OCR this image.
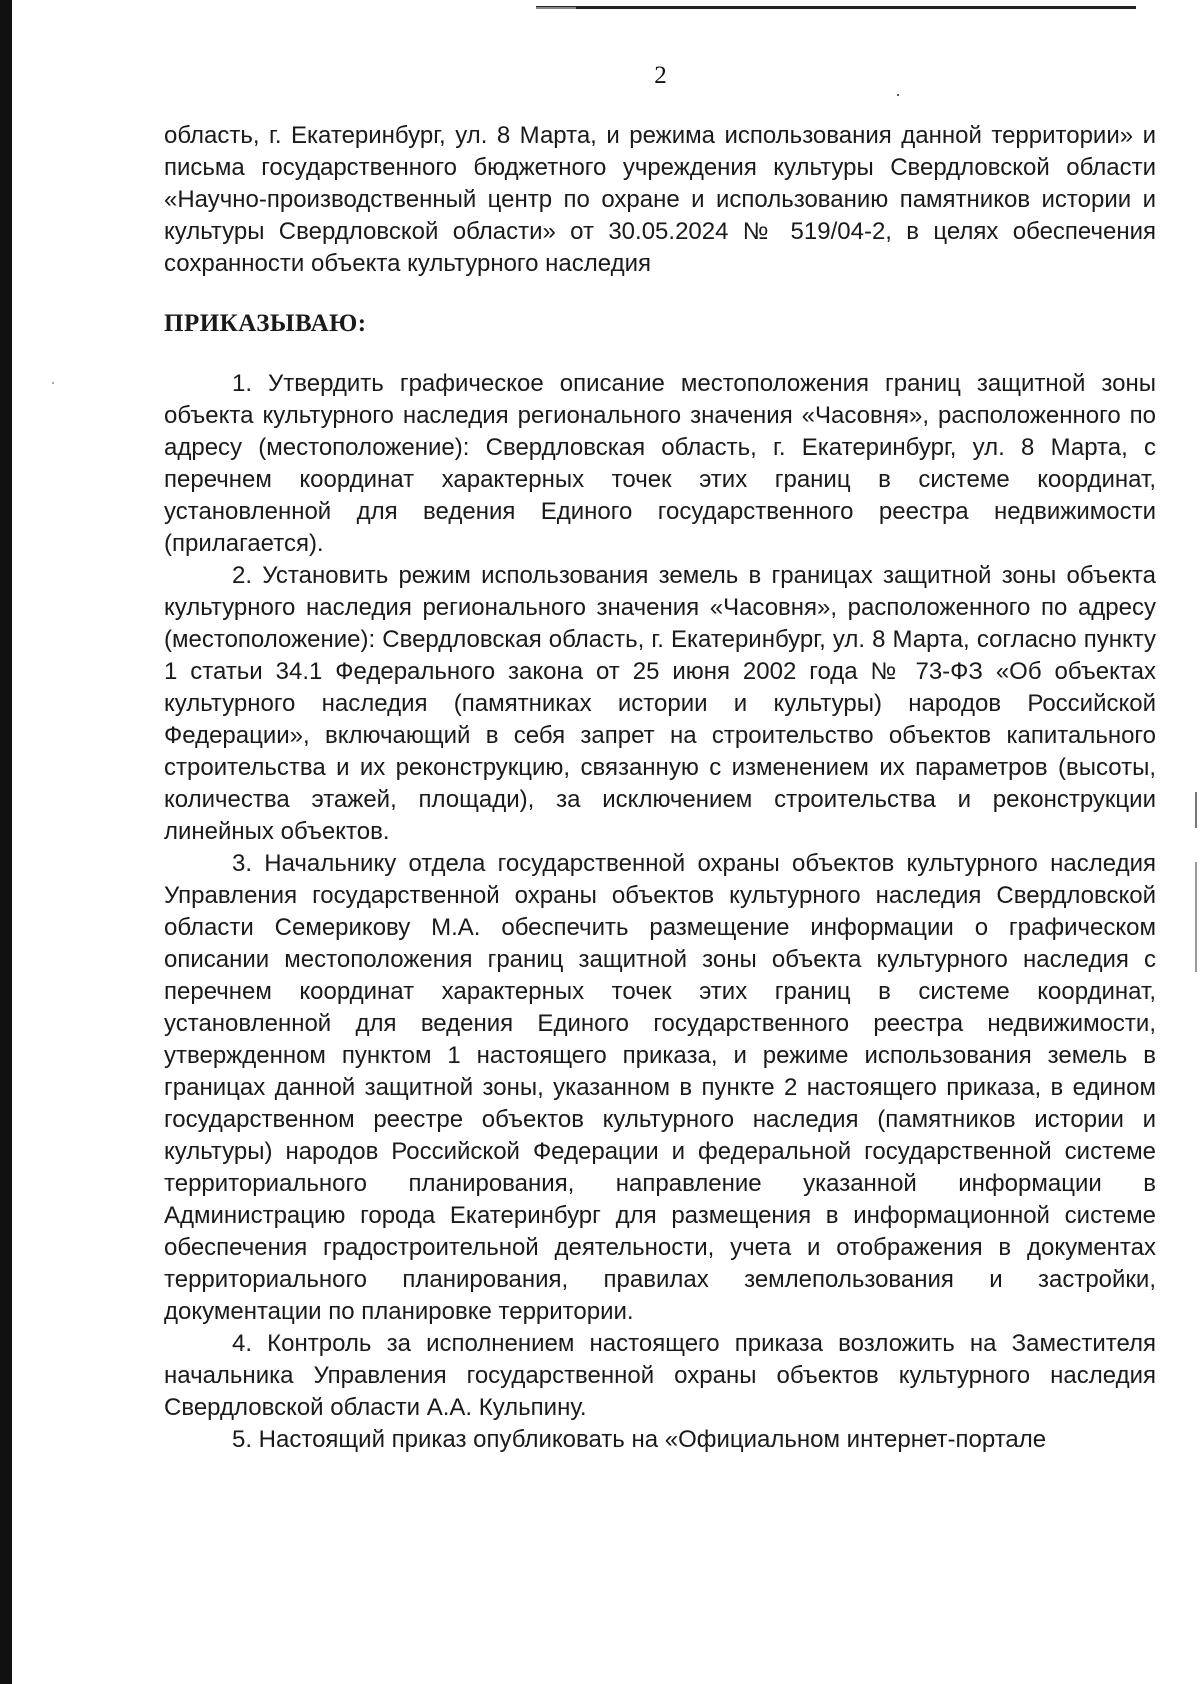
2

область, г. Екатеринбург, ул. 8 Марта, и режима использования данной территории» и письма государственного бюджетного учреждения культуры Свердловской области «Научно-производственный центр по охране и использованию памятников истории и культуры Свердловской области» от 30.05.2024 № 519/04-2, в целях обеспечения сохранности объекта культурного наследия

ПРИКАЗЫВАЮ:

1. Утвердить графическое описание местоположения границ защитной зоны объекта культурного наследия регионального значения «Часовня», расположенного по адресу (местоположение): Свердловская область, г. Екатеринбург, ул. 8 Марта, с перечнем координат характерных точек этих границ в системе координат, установленной для ведения Единого государственного реестра недвижимости (прилагается).

2. Установить режим использования земель в границах защитной зоны объекта культурного наследия регионального значения «Часовня», расположенного по адресу (местоположение): Свердловская область, г. Екатеринбург, ул. 8 Марта, согласно пункту 1 статьи 34.1 Федерального закона от 25 июня 2002 года № 73-ФЗ «Об объектах культурного наследия (памятниках истории и культуры) народов Российской Федерации», включающий в себя запрет на строительство объектов капитального строительства и их реконструкцию, связанную с изменением их параметров (высоты, количества этажей, площади), за исключением строительства и реконструкции линейных объектов.

3. Начальнику отдела государственной охраны объектов культурного наследия Управления государственной охраны объектов культурного наследия Свердловской области Семерикову М.А. обеспечить размещение информации о графическом описании местоположения границ защитной зоны объекта культурного наследия с перечнем координат характерных точек этих границ в системе координат, установленной для ведения Единого государственного реестра недвижимости, утвержденном пунктом 1 настоящего приказа, и режиме использования земель в границах данной защитной зоны, указанном в пункте 2 настоящего приказа, в едином государственном реестре объектов культурного наследия (памятников истории и культуры) народов Российской Федерации и федеральной государственной системе территориального планирования, направление указанной информации в Администрацию города Екатеринбург для размещения в информационной системе обеспечения градостроительной деятельности, учета и отображения в документах территориального планирования, правилах землепользования и застройки, документации по планировке территории.

4. Контроль за исполнением настоящего приказа возложить на Заместителя начальника Управления государственной охраны объектов культурного наследия Свердловской области А.А. Кульпину.

5. Настоящий приказ опубликовать на «Официальном интернет-портале
